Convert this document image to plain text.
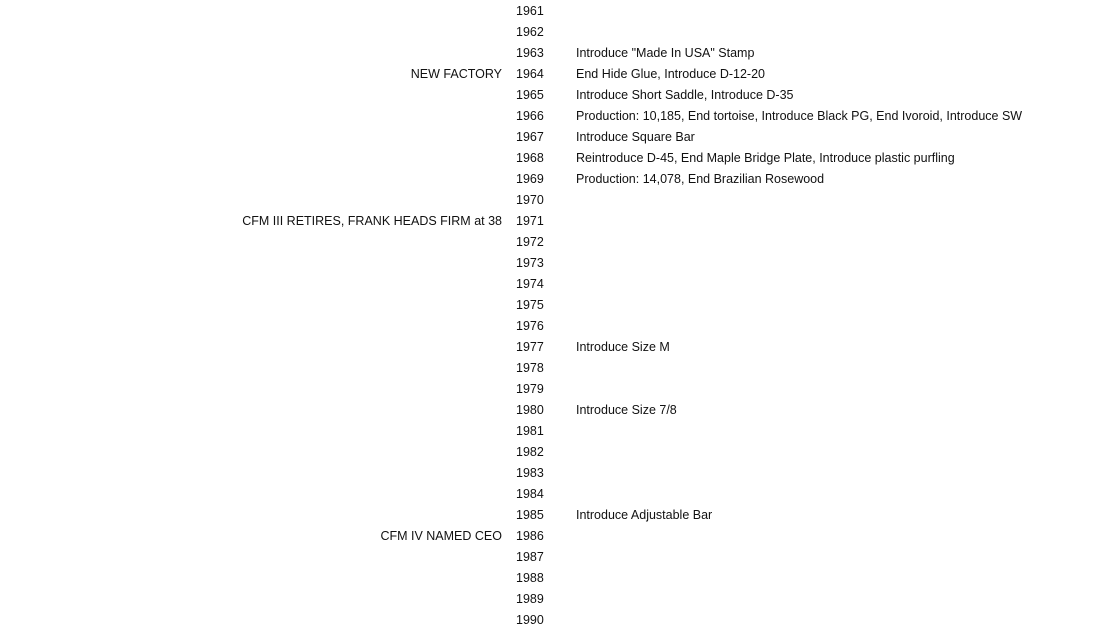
1961
1962
1963	Introduce "Made In USA" Stamp
NEW FACTORY 1964	End Hide Glue, Introduce D-12-20
1965	Introduce Short Saddle, Introduce D-35
1966	Production: 10,185, End tortoise, Introduce Black PG, End Ivoroid, Introduce SW
1967	Introduce Square Bar
1968	Reintroduce D-45, End Maple Bridge Plate, Introduce plastic purfling
1969	Production: 14,078, End Brazilian Rosewood
1970
CFM III RETIRES, FRANK HEADS FIRM at 38 1971
1972
1973
1974
1975
1976
1977	Introduce Size M
1978
1979
1980	Introduce Size 7/8
1981
1982
1983
1984
1985	Introduce Adjustable Bar
CFM IV NAMED CEO 1986
1987
1988
1989
1990
